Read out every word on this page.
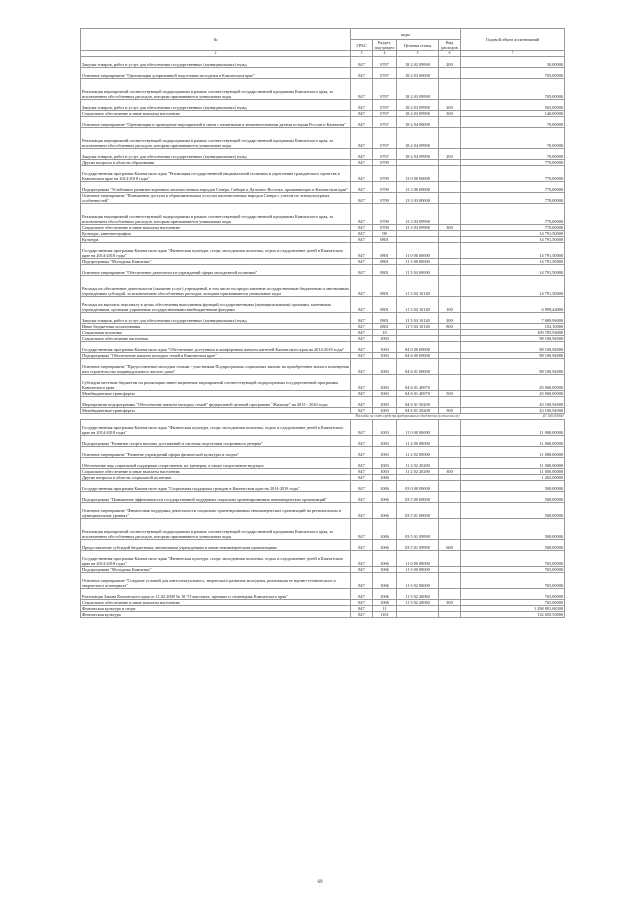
№	коды				Годовой объем ассигнований
	ГРБС	Раздел, под-раздел	Целевая статья	Вид расходов	
2	3	4	5	6	7
Закупка товаров, работ и услуг для обеспечения государственных (муниципальных) нужд	847	0707	18 2 02 09990	200	50,00000
Основное мероприятие "Организация допризывной подготовки молодежи в Камчатском крае"	847	0707	18 2 03 00000		705,00000
Реализация мероприятий соответствующей подпрограммы в рамках соответствующей государственной программы Камчатского края, за исключением обособленных расходов, которым присваиваются уникальные коды	847	0707	18 2 03 09990		705,00000
Закупка товаров, работ и услуг для обеспечения государственных (муниципальных) нужд	847	0707	18 2 03 09990	200	565,00000
Социальное обеспечение и иные выплаты населению	847	0707	18 2 03 09990	300	140,00000
Основное мероприятие "Организация и проведение мероприятий в связи с памятными и знаменательными датами истории России и Камчатки"	847	0707	18 2 04 00000		70,00000
Реализация мероприятий соответствующей подпрограммы в рамках соответствующей государственной программы Камчатского края, за исключением обособленных расходов, которым присваиваются уникальные коды	847	0707	18 2 04 09990		70,00000
Закупка товаров, работ и услуг для обеспечения государственных (муниципальных) нужд	847	0707	18 2 04 09990	200	70,00000
Другие вопросы в области образования	847	0709			770,00000
Государственная программа Камчатского края "Реализация государственной национальной политики и укрепление гражданского единства в Камчатском крае на 2014-2018 годы"	847	0709	13 0 00 00000		770,00000
Подпрограмма "Устойчивое развитие коренных малочисленных народов Севера, Сибири и Дальнего Востока, проживающих в Камчатском крае"	847	0709	13 3 00 00000		770,00000
Основное мероприятие "Повышение доступа к образовательным услугам малочисленных народов Севера с учетом их этнокультурных особенностей"	847	0709	13 3 03 00000		770,00000
Реализация мероприятий соответствующей подпрограммы в рамках соответствующей государственной программы Камчатского края, за исключением обособленных расходов, которым присваиваются уникальные коды	847	0709	13 3 03 09990		770,00000
Социальное обеспечение и иные выплаты населению	847	0709	13 3 03 09990	300	770,00000
Культура, кинематография	847	08			14 791,50000
Культура	847	0801			14 791,50000
Государственная программа Камчатского края "Физическая культура, спорт, молодежная политика, отдых и оздоровление детей в Камчатском крае на 2014-2018 годы"	847	0801	11 0 00 00000		14 791,50000
Подпрограмма "Молодежь Камчатки"	847	0801	11 5 00 00000		14 791,50000
Основное мероприятие "Обеспечение деятельности учреждений сферы молодежной политики"	847	0801	11 5 04 00000		14 791,50000
Расходы на обеспечение деятельности (оказание услуг) учреждений, в том числе на предоставление государственным бюджетным и автономным учреждениям субсидий, за исключением обособленных расходов, которым присваиваются уникальные коды	847	0801	11 5 04 10140		14 791,50000
Расходы на выплаты персоналу в целях обеспечения выполнения функций государственными (муниципальными) органами, казенными учреждениями, органами управления государственными внебюджетными фондами	847	0801	11 5 04 10140	100	6 999,44000
Закупка товаров, работ и услуг для обеспечения государственных (муниципальных) нужд	847	0801	11 5 04 10140	200	7 689,96000
Иные бюджетные ассигнования	847	0801	11 5 04 10140	800	102,10000
Социальная политика	847	10			109 785,94000
Социальное обеспечение населения	847	1003			98 100,94000
Государственная программа Камчатского края "Обеспечение доступным и комфортным жильем жителей Камчатского края на 2014-2018 годы"	847	1003	04 0 00 00000		88 100,94000
Подпрограмма "Обеспечение жильем молодых семей в Камчатском крае"	847	1003	04 6 00 00000		88 100,94000
Основное мероприятие "Предоставление молодым семьям - участникам Подпрограммы социальных выплат на приобретение жилого помещения или строительство индивидуального жилого дома"	847	1003	04 6 01 00000		88 100,94000
Субсидии местным бюджетам на реализацию инвестиционных мероприятий соответствующей подпрограммы государственной программы Камчатского края	847	1003	04 6 01 40970		45 000,00000
Межбюджетные трансферты	847	1003	04 6 01 40970	500	45 000,00000
Мероприятия подпрограммы "Обеспечение жильем молодых семей" федеральной целевой программы "Жилище" на 2015 - 2020 годы	847	1003	04 6 01 50200		43 100,94000
Межбюджетные трансферты	847	1003	04 6 01 50200	500	43 100,94000
Расходы за счет средств федерального бюджета (в том числе)					43 100,94000
Государственная программа Камчатского края "Физическая культура, спорт, молодежная политика, отдых и оздоровление детей в Камчатском крае на 2014-2018 годы"	847	1003	11 0 00 00000		11 000,00000
Подпрограмма "Развитие спорта высших достижений и системы подготовки спортивного резерва"	847	1003	11 2 00 00000		11 000,00000
Основное мероприятие "Развитие учреждений сферы физической культуры и спорта"	847	1003	11 2 02 00000		11 000,00000
Обеспечение мер социальной поддержки спортсменов, их тренеров, а также спортсменов-ведущих	847	1003	11 2 02 20290		11 000,00000
Социальное обеспечение и иные выплаты населению	847	1003	11 2 02 20290	300	11 000,00000
Другие вопросы в области социальной политики	847	1006			1 265,00000
Государственная программа Камчатского края "Социальная поддержка граждан в Камчатском крае на 2014-2018 годы"	847	1006	03 0 00 00000		500,00000
Подпрограмма "Повышение эффективности государственной поддержки социально ориентированных некоммерческих организаций"	847	1006	03 5 00 00000		500,00000
Основное мероприятие "Финансовая поддержка деятельности социально ориентированных некоммерческих организаций на региональном и муниципальном уровнях"	847	1006	03 5 01 00000		500,00000
Реализация мероприятий соответствующей подпрограммы в рамках соответствующей государственной программы Камчатского края, за исключением обособленных расходов, которым присваиваются уникальные коды	847	1006	03 5 01 09990		500,00000
Предоставление субсидий бюджетным, автономным учреждениям и иным некоммерческим организациям	847	1006	03 5 01 09990	600	500,00000
Государственная программа Камчатского края "Физическая культура, спорт, молодежная политика, отдых и оздоровление детей в Камчатском крае на 2014-2018 годы"	847	1006	11 0 00 00000		765,00000
Подпрограмма "Молодежь Камчатки"	847	1006	11 5 00 00000		765,00000
Основное мероприятие "Создание условий для интеллектуального, творческого развития молодежи, реализация ее научно-технического и творческого потенциала"	847	1006	11 5 02 00000		765,00000
Реализация Закона Камчатского края от 11.02.2008 № 18 "О выплатах, премиях и стипендиях Камчатского края"	847	1006	11 5 02 20060		765,00000
Социальное обеспечение и иные выплаты населению	847	1006	11 5 02 20060	300	765,00000
Физическая культура и спорт	847	11			1 298 801,68300
Физическая культура	847	1101			132 650,50000
69
